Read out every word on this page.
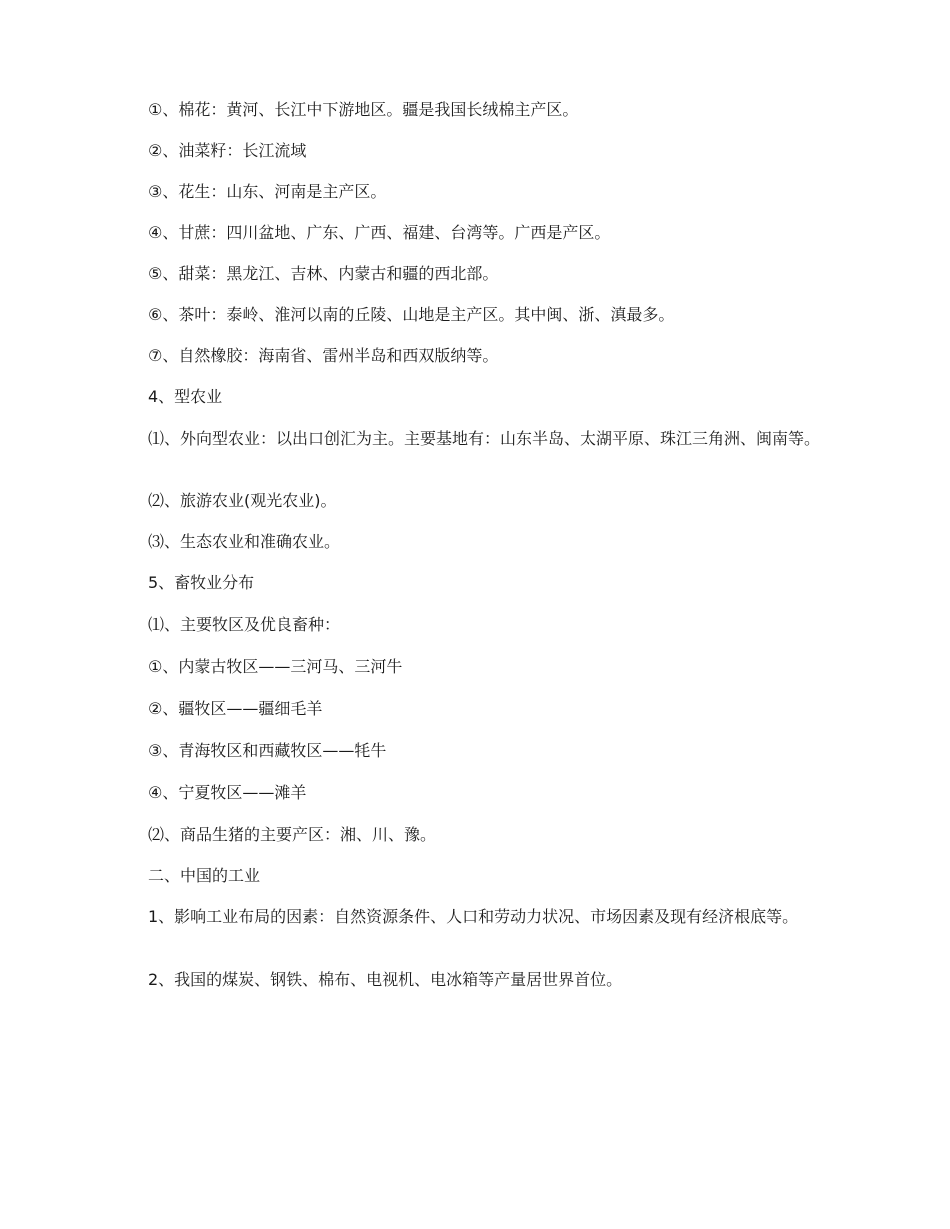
①、棉花：黄河、长江中下游地区。疆是我国长绒棉主产区。

②、油菜籽：长江流域

③、花生：山东、河南是主产区。

④、甘蔗：四川盆地、广东、广西、福建、台湾等。广西是产区。

⑤、甜菜：黑龙江、吉林、内蒙古和疆的西北部。

⑥、茶叶：泰岭、淮河以南的丘陵、山地是主产区。其中闽、浙、滇最多。

⑦、自然橡胶：海南省、雷州半岛和西双版纳等。

4、型农业

⑴、外向型农业：以出口创汇为主。主要基地有：山东半岛、太湖平原、珠江三角洲、闽南等。

⑵、旅游农业(观光农业)。

⑶、生态农业和准确农业。

5、畜牧业分布

⑴、主要牧区及优良畜种：

①、内蒙古牧区——三河马、三河牛

②、疆牧区——疆细毛羊

③、青海牧区和西藏牧区——牦牛

④、宁夏牧区——滩羊

⑵、商品生猪的主要产区：湘、川、豫。

二、中国的工业

1、影响工业布局的因素：自然资源条件、人口和劳动力状况、市场因素及现有经济根底等。

2、我国的煤炭、钢铁、棉布、电视机、电冰箱等产量居世界首位。
